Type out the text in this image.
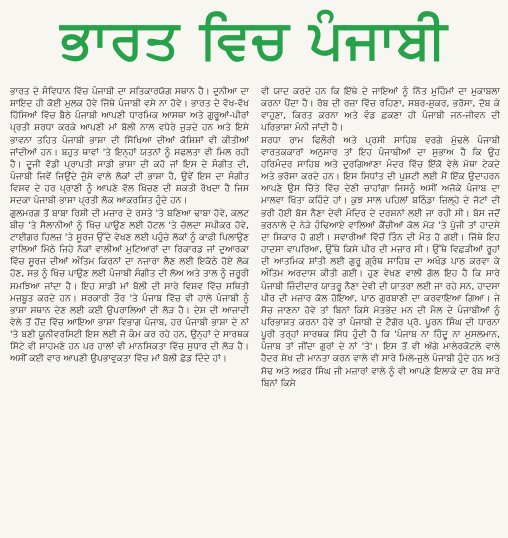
ਭਾਰਤ ਵਿਚ ਪੰਜਾਬੀ

ਭਾਰਤ ਦੇ ਸੰਵਿਧਾਨ ਵਿੱਚ ਪੰਜਾਬੀ ਦਾ ਸਤਿਕਾਰਯੋਗ ਸਥਾਨ ਹੈ। ਦੁਨੀਆ ਦਾ ਸ਼ਾਇਦ ਹੀ ਕੋਈ ਮੁਲਕ ਹੋਵੇ ਜਿੱਥੇ ਪੰਜਾਬੀ ਵਸੇ ਨਾ ਹੋਵੇ। ਭਾਰਤ ਦੇ ਵੱਖ-ਵੱਖ ਹਿੱਸਿਆਂ ਵਿੱਚ ਬੈਠੇ ਪੰਜਾਬੀ ਆਪਣੀ ਧਾਰਮਿਕ ਆਸਥਾ ਅਤੇ ਗੁਰੂਆਂ-ਪੀਰਾਂ ਪ੍ਰਤੀ ਸ਼ਰਧਾ ਕਰਕੇ ਆਪਣੀ ਮਾਂ ਬੋਲੀ ਨਾਲ ਵਧੇਰੇ ਜੁੜਦੇ ਹਨ ਅਤੇ ਇਸੇ ਭਾਵਨਾ ਤਹਿਤ ਪੰਜਾਬੀ ਭਾਸ਼ਾ ਦੀ ਸਿੱਖਿਆ ਦੀਆਂ ਕੋਸ਼ਿਸ਼ਾਂ ਵੀ ਕੀਤੀਆਂ ਜਾਂਦੀਆਂ ਹਨ। ਬਹੁਤ ਥਾਵਾਂ 'ਤੇ ਇਨ੍ਹਾਂ ਯਤਨਾਂ ਨੂੰ ਸਫਲਤਾ ਵੀ ਮਿਲ ਰਹੀ ਹੈ। ਦੂਜੀ ਵੱਡੀ ਪ੍ਰਾਪਤੀ ਸਾਡੀ ਭਾਸ਼ਾ ਦੀ ਕਹੋ ਜਾਂ ਇਸ ਦੇ ਸੰਗੀਤ ਦੀ, ਪੰਜਾਬੀ ਜਿਵੇਂ ਜਿਉਂਦੇ ਜੁੱਸੇ ਵਾਲੇ ਲੋਕਾਂ ਦੀ ਭਾਸ਼ਾ ਹੈ, ਉਵੇਂ ਇਸ ਦਾ ਸੰਗੀਤ ਵਿਸ਼ਵ ਦੇ ਹਰ ਪ੍ਰਾਣੀ ਨੂੰ ਆਪਣੇ ਵੱਲ ਖਿੱਚਣ ਦੀ ਸ਼ਕਤੀ ਰੱਖਦਾ ਹੈ ਜਿਸ ਸਦਕਾ ਪੰਜਾਬੀ ਭਾਸ਼ਾ ਪ੍ਰਤੀ ਲੋਕ ਆਕਰਸ਼ਿਤ ਹੁੰਦੇ ਹਨ।

ਗੁਲਮਰਗ ਤੋਂ ਬਾਬਾ ਰਿਸ਼ੀ ਦੀ ਮਜ਼ਾਰ ਦੇ ਰਸਤੇ 'ਤੇ ਬਣਿਆ ਢਾਬਾ ਹੋਵੇ, ਕਲਟ ਬੀਚ 'ਤੇ ਸੈਲਾਨੀਆਂ ਨੂੰ ਖਿੱਚ ਪਾਉਣ ਲਈ ਹੋਟਲ 'ਤੇ ਚੱਲਦਾ ਸਪੀਕਰ ਹੋਵੇ, ਟਾਈਗਰ ਹਿਲਜ਼ 'ਤੇ ਸੂਰਜ ਉੱਦੇ ਵੇਖਣ ਲਈ ਪਹੁੰਚੇ ਲੋਕਾਂ ਨੂੰ ਕਾਫ਼ੀ ਪਿਲਾਉਣ ਵਾਲਿਆਂ ਮਿੱਠੇ ਜਿਹੇ ਨੱਕਾਂ ਵਾਲੀਆਂ ਮੁਟਿਆਰਾਂ ਦਾ ਰਿਕਾਰਡ ਜਾਂ ਦੁਆਰਕਾ ਵਿੱਚ ਸੂਰਜ ਦੀਆਂ ਅੰਤਿਮ ਕਿਰਨਾਂ ਦਾ ਨਜ਼ਾਰਾ ਲੈਣ ਲਈ ਇਕੱਠੇ ਹੋਏ ਲੋਕ ਹੋਣ, ਸਭ ਨੂੰ ਖਿੱਚ ਪਾਉਣ ਲਈ ਪੰਜਾਬੀ ਸੰਗੀਤ ਦੀ ਲੋਅ ਅਤੇ ਤਾਲ ਨੂੰ ਜ਼ਰੂਰੀ ਸਮਝਿਆ ਜਾਂਦਾ ਹੈ। ਇਹ ਸਾਡੀ ਮਾਂ ਬੋਲੀ ਦੀ ਸਾਰੇ ਵਿਸ਼ਵ ਵਿੱਚ ਸਥਿਤੀ ਮਜ਼ਬੂਤ ਕਰਦੇ ਹਨ। ਸਰਕਾਰੀ ਤੌਰ 'ਤੇ ਪੰਜਾਬ ਵਿੱਚ ਵੀ ਹਾਲੇ ਪੰਜਾਬੀ ਨੂੰ ਭਾਸ਼ਾ ਸਥਾਨ ਦੇਣ ਲਈ ਕਈ ਉਪਰਾਲਿਆਂ ਦੀ ਲੋੜ ਹੈ। ਦੇਸ਼ ਦੀ ਆਜ਼ਾਦੀ ਵੇਲੇ ਤੋਂ ਹੋਂਦ ਵਿੱਚ ਆਇਆ ਭਾਸ਼ਾ ਵਿਭਾਗ ਪੰਜਾਬ, ਹਰ ਪੰਜਾਬੀ ਭਾਸ਼ਾ ਦੇ ਨਾਂ 'ਤੇ ਬਣੀ ਯੂਨੀਵਰਸਿਟੀ ਇਸ ਲਈ ਜੋ ਕੰਮ ਕਰ ਰਹੇ ਹਨ, ਉਨ੍ਹਾਂ ਦੇ ਸਾਰਥਕ ਸਿੱਟੇ ਵੀ ਸਾਹਮਣੇ ਹਨ ਪਰ ਹਾਲਾਂ ਵੀ ਮਾਨਸਿਕਤਾ ਵਿੱਚ ਸੁਧਾਰ ਦੀ ਲੋੜ ਹੈ। ਅਸੀਂ ਕਈ ਵਾਰ ਆਪਣੀ ਉਪਭਾਵੁਕਤਾ ਵਿੱਚ ਮਾਂ ਬੋਲੀ ਛੱਡ ਦਿੰਦੇ ਹਾਂ।

ਵੀ ਯਾਦ ਕਰਦੇ ਹਨ ਕਿ ਇੱਥੇ ਦੇ ਜਾਇਆਂ ਨੂੰ ਨਿੱਤ ਮੁਹਿੰਮਾਂ ਦਾ ਮੁਕਾਬਲਾ ਕਰਨਾ ਪੈਂਦਾ ਹੈ। ਰੱਬ ਦੀ ਰਜ਼ਾ ਵਿੱਚ ਰਹਿਣਾ, ਸਬਰ-ਸ਼ੁਕਰ, ਭਰੋਸਾ, ਦੱਬ ਕੇ ਵਾਹੁਣਾ, ਕਿਰਤ ਕਰਨਾ ਅਤੇ ਵੰਡ ਛਕਣਾ ਹੀ ਪੰਜਾਬੀ ਜਨ-ਜੀਵਨ ਦੀ ਪਰਿਭਾਸ਼ਾ ਮੰਨੀ ਜਾਂਦੀ ਹੈ।

ਸ਼ਰਧਾ ਰਾਮ ਫਿਲੌਰੀ ਅਤੇ ਪ੍ਰਸੀ ਸਾਹਿਬ ਵਰਗੇ ਮੁੱਢਲੇ ਪੰਜਾਬੀ ਵਾਰਤਕਕਾਰਾਂ ਅਨੁਸਾਰ ਤਾਂ ਇਹ ਪੰਜਾਬੀਆਂ ਦਾ ਸੁਭਾਅ ਹੈ ਕਿ ਉਹ ਹਰਿਮੰਦਰ ਸਾਹਿਬ ਅਤੇ ਦੁਰਗਿਆਣਾ ਮੰਦਰ ਵਿੱਚ ਇੱਕੋ ਵੇਲੇ ਮੱਥਾ ਟੇਕਦੇ ਅਤੇ ਭਰੋਸਾ ਕਰਦੇ ਹਨ। ਇਸ ਸਿਧਾਂਤ ਦੀ ਪੁਸ਼ਟੀ ਲਈ ਮੈਂ ਇੱਕ ਉਦਾਹਰਨ ਆਪਣੇ ਉਸ ਚਿੱਤੇ ਵਿੱਚ ਦੇਣੀ ਚਾਹਾਂਗਾ ਜਿਸਨੂੰ ਅਸੀਂ ਅਜੋਕੇ ਪੰਜਾਬ ਦਾ ਮਾਲਵਾ ਖਿੱਤਾ ਕਹਿੰਦੇ ਹਾਂ। ਕੁਝ ਸਾਲ ਪਹਿਲਾਂ ਬਠਿੰਡਾ ਜ਼ਿਲ੍ਹੇ ਦੇ ਜੱਟਾਂ ਦੀ ਭਰੀ ਹੋਈ ਬੱਸ ਨੈਣਾ ਦੇਵੀ ਮੰਦਿਰ ਦੇ ਦਰਸ਼ਨਾਂ ਲਈ ਜਾ ਰਹੀ ਸੀ। ਬੱਸ ਜਦੋਂ ਭਰਨਾਲੇ ਦੇ ਨੇੜੇ ਹੰਢਿਆਏ ਵਾਲਿਆਂ ਕੈਂਚੀਆਂ ਕੋਲ ਮੋੜ 'ਤੇ ਪੁੱਜੀ ਤਾਂ ਹਾਦਸੇ ਦਾ ਸ਼ਿਕਾਰ ਹੋ ਗਈ। ਸਵਾਰੀਆਂ ਵਿੱਚੋਂ ਤਿੰਨ ਦੀ ਮੌਤ ਹੋ ਗਈ। ਜਿੱਥੇ ਇਹ ਹਾਦਸਾ ਵਾਪਰਿਆ, ਉੱਥੇ ਕਿਸੇ ਪੀਰ ਦੀ ਮਜ਼ਾਰ ਸੀ। ਉੱਥੇ ਵਿਛੜੀਆਂ ਰੂਹਾਂ ਦੀ ਆਤਮਿਕ ਸ਼ਾਂਤੀ ਲਈ ਗੁਰੂ ਗ੍ਰੰਥ ਸਾਹਿਬ ਦਾ ਅਖੰਡ ਪਾਠ ਕਰਵਾ ਕੇ ਅੰਤਿਮ ਅਰਦਾਸ ਕੀਤੀ ਗਈ। ਹੁਣ ਵੇਖਣ ਵਾਲੀ ਗੱਲ ਇਹ ਹੈ ਕਿ ਸਾਰੇ ਪੰਜਾਬੀ ਜ਼ਿੰਦੀਦਾਰ ਯਾਤਰੂ ਨੈਣਾ ਦੇਵੀ ਦੀ ਯਾਤਰਾ ਲਈ ਜਾ ਰਹੇ ਸਨ, ਹਾਦਸਾ ਪੀਰ ਦੀ ਮਜ਼ਾਰ ਕੋਲ ਹੋਇਆ, ਪਾਠ ਗੁਰਬਾਣੀ ਦਾ ਕਰਵਾਇਆ ਗਿਆ। ਜੇ ਸੱਚ ਜਾਣਨਾ ਹੋਵੇ ਤਾਂ ਬਿਨਾਂ ਕਿਸੇ ਮੱਤਭੇਦ ਮਨ ਦੀ ਮੈਲ ਦੇ ਪੰਜਾਬੀਆਂ ਨੂੰ ਪਰਿਭਾਸ਼ਤ ਕਰਨਾ ਹੋਵੇ ਤਾਂ ਪੰਜਾਬੀ ਦੇ ਟੈਗੋਰ ਪ੍ਰੋ. ਪੂਰਨ ਸਿੰਘ ਦੀ ਧਾਰਨਾ ਪੂਰੀ ਤਰ੍ਹਾਂ ਸਾਰਥਕ ਸਿੱਧ ਹੁੰਦੀ ਹੈ ਕਿ 'ਪੰਜਾਬ ਨਾ ਹਿੰਦੂ ਨਾ ਮੁਸਲਮਾਨ, ਪੰਜਾਬ ਤਾਂ ਜੀਂਦਾ ਗੁਰਾਂ ਦੇ ਨਾਂ 'ਤੇ'। ਇਸ ਤੋਂ ਵੀ ਅੱਗੇ ਮਾਲੇਰਕੋਟਲੇ ਵਾਲੇ ਹੈਦਰ ਸ਼ੇਖ ਦੀ ਮਾਨਤਾ ਕਰਨ ਵਾਲੇ ਵੀ ਸਾਰੇ ਮਿਲੇ-ਜੁਲੇ ਪੰਜਾਬੀ ਹੁੰਦੇ ਹਨ ਅਤੇ ਸੋਢ ਅਤੇ ਅਫ਼ਰ ਸਿੰਘ ਜੀ ਮਜ਼ਾਰਾਂ ਵਾਲੇ ਨੂੰ ਵੀ ਆਪਣੇ ਇਲਾਕੇ ਦਾ ਰੱਬ ਸਾਰੇ ਬਿਨਾਂ ਕਿਸੇ
